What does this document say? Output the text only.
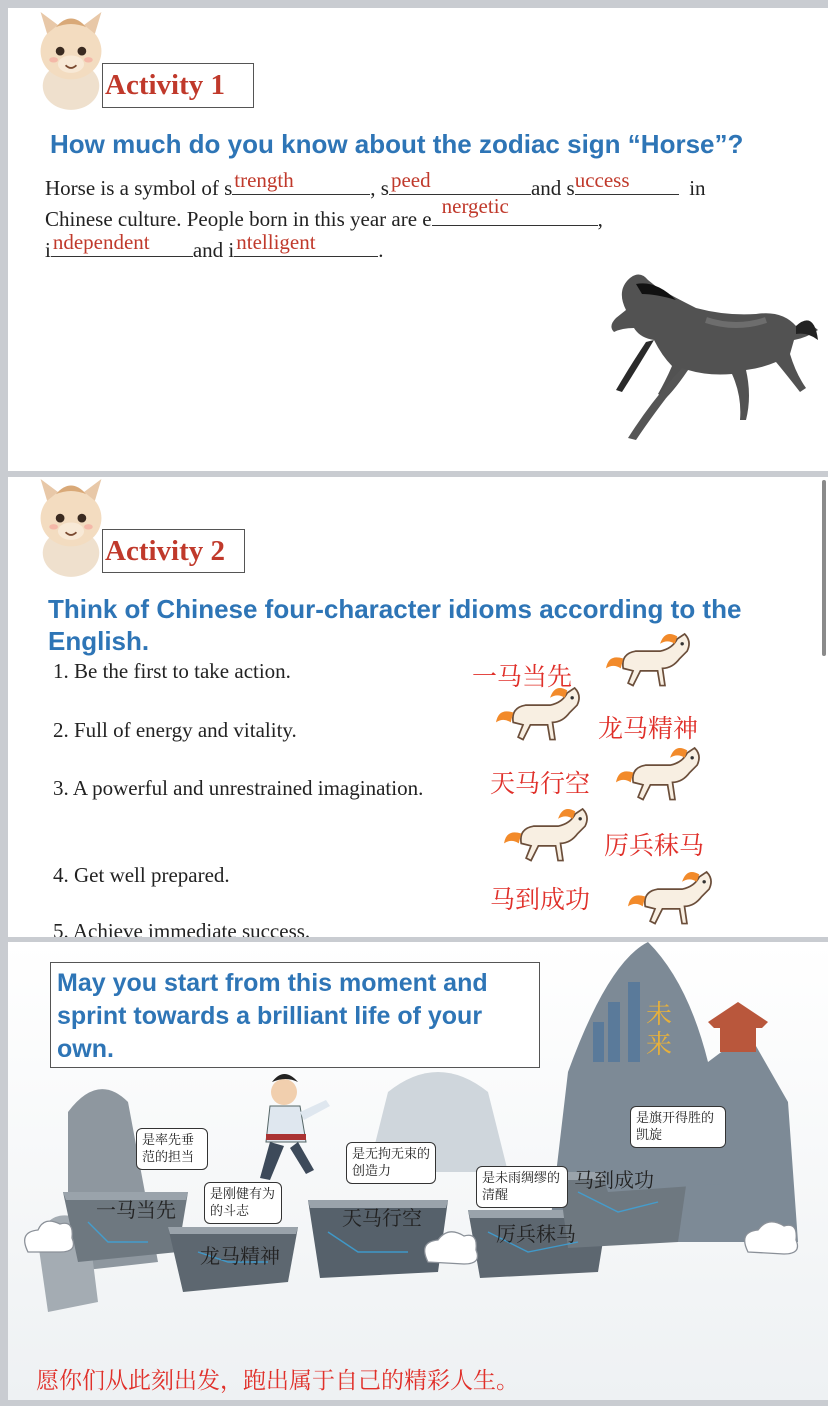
Activity 1
How much do you know about the zodiac sign “Horse”?
Horse is a symbol of s trength	, s peed	and s uccess	in
Chinese culture. People born in this year are e
nergetic
,
i ndependent and i ntelligent	.
Activity 2
Think of Chinese four-character idioms according to the English.
1. Be the first to take action.
2. Full of energy and vitality.
3. A powerful and unrestrained imagination.
4. Get well prepared.
5. Achieve immediate success.
一马当先
龙马精神
天马行空
厉兵秣马
马到成功
May you start from this moment and sprint towards a brilliant life of your own.
未来
是率先垂范的担当
是刚健有为的斗志
是无拘无束的创造力	是未雨绸缪的清醒
是旗开得胜的凯旋
一马当先
龙马精神
天马行空
厉兵秣马
马到成功
愿你们从此刻出发，跑出属于自己的精彩人生。
